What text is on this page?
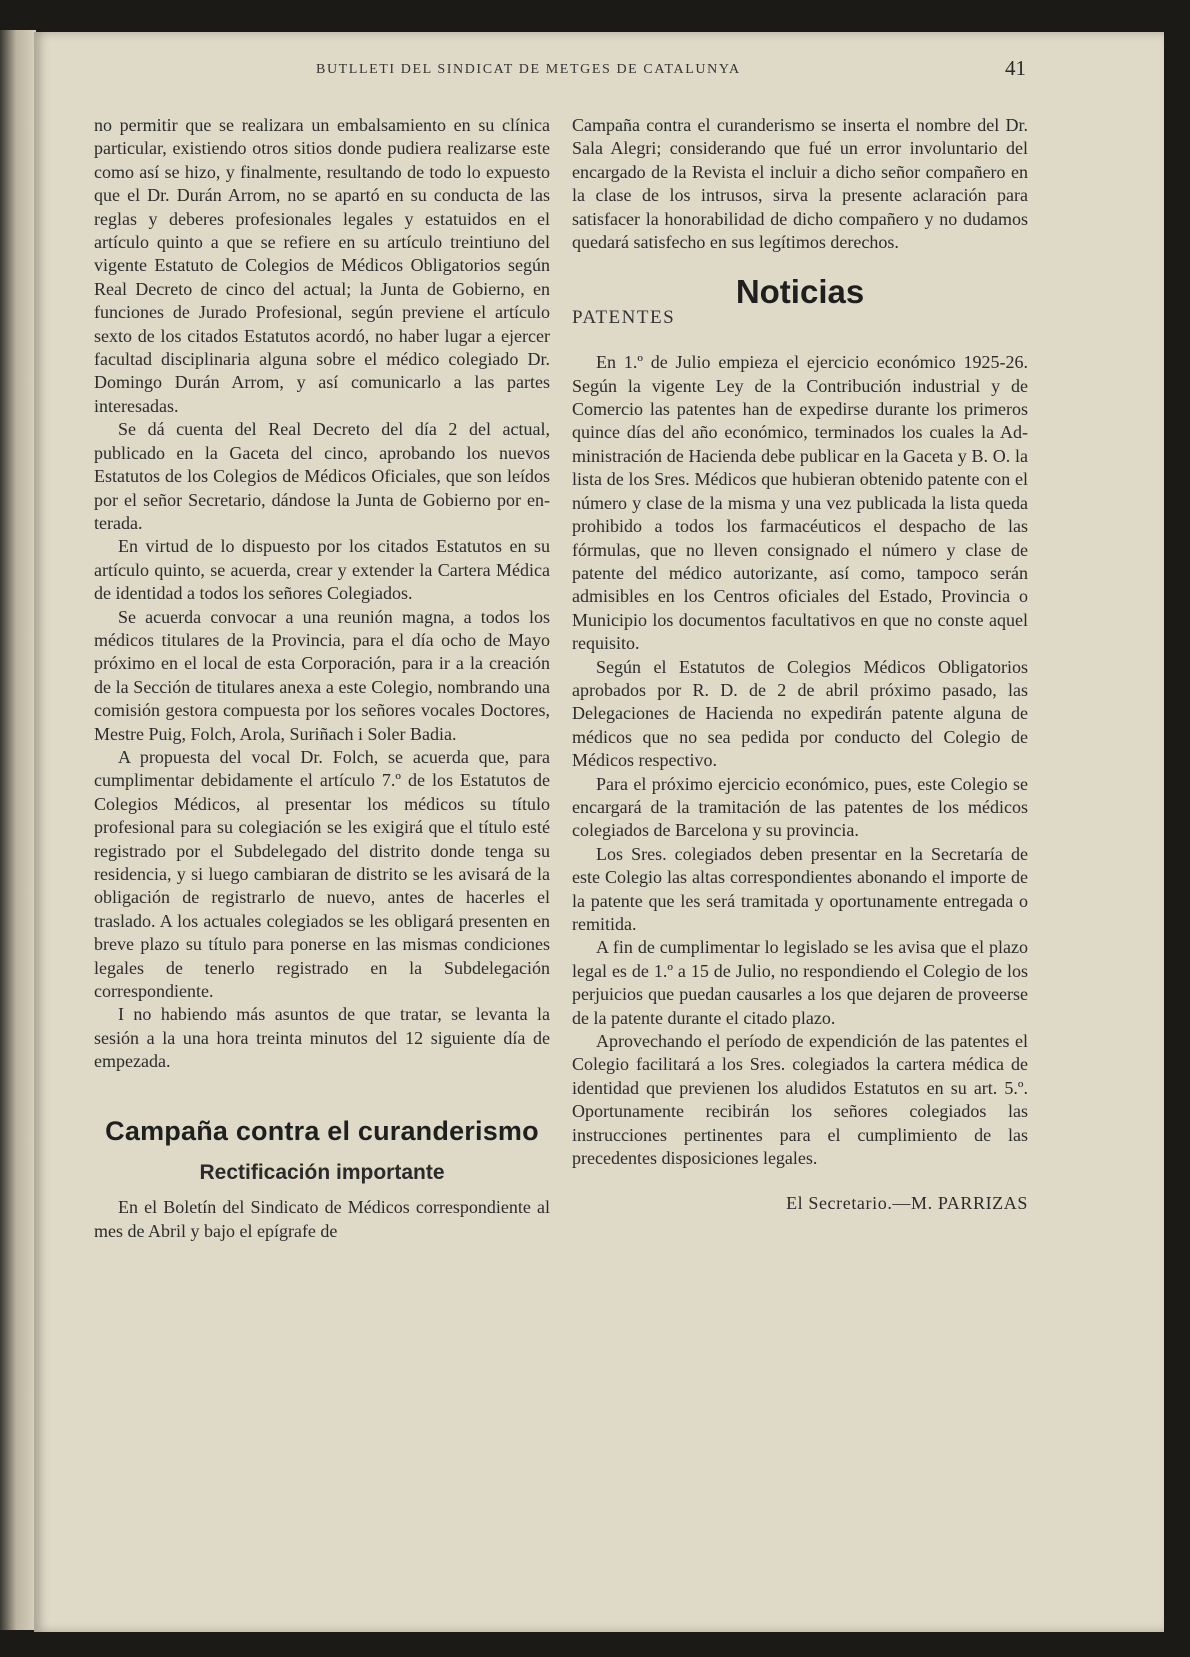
BUTLLETI DEL SINDICAT DE METGES DE CATALUNYA	41

no permitir que se realizara un embalsamiento en su clínica particular, existiendo otros sitios donde pudiera realizarse este como así se hizo, y finalmente, resultando de todo lo expuesto que el Dr. Durán Arrom, no se apartó en su conducta de las reglas y deberes profesionales legales y estatuidos en el artículo quinto a que se refiere en su artículo treintiuno del vigente Estatuto de Colegios de Médicos Obligatorios según Real Decreto de cinco del actual; la Junta de Gobierno, en funciones de Jurado Profesional, según previene el artículo sexto de los citados Estatutos acordó, no haber lugar a ejercer facultad disciplinaria alguna sobre el médico colegiado Dr. Domingo Durán Arrom, y así comunicarlo a las partes interesadas.

Se dá cuenta del Real Decreto del día 2 del actual, publicado en la Gaceta del cinco, aprobando los nuevos Estatutos de los Colegios de Médicos Oficiales, que son leídos por el señor Secretario, dándose la Junta de Gobierno por enterada.

En virtud de lo dispuesto por los citados Estatutos en su artículo quinto, se acuerda, crear y extender la Cartera Médica de identidad a todos los señores Colegiados.

Se acuerda convocar a una reunión magna, a todos los médicos titulares de la Provincia, para el día ocho de Mayo próximo en el local de esta Corporación, para ir a la creación de la Sección de titulares anexa a este Colegio, nombrando una comisión gestora compuesta por los señores vocales Doctores, Mestre Puig, Folch, Arola, Suriñach i Soler Badia.

A propuesta del vocal Dr. Folch, se acuerda que, para cumplimentar debidamente el artículo 7.º de los Estatutos de Colegios Médicos, al presentar los médicos su título profesional para su colegiación se les exigirá que el título esté registrado por el Subdelegado del distrito donde tenga su residencia, y si luego cambiaran de distrito se les avisará de la obligación de registrarlo de nuevo, antes de hacerles el traslado. A los actuales colegiados se les obligará presenten en breve plazo su título para ponerse en las mismas condiciones legales de tenerlo registrado en la Subdelegación correspondiente.

I no habiendo más asuntos de que tratar, se levanta la sesión a la una hora treinta minutos del 12 siguiente día de empezada.

Campaña contra el curanderismo
Rectificación importante

En el Boletín del Sindicato de Médicos correspondiente al mes de Abril y bajo el epígrafe de

Campaña contra el curanderismo se inserta el nombre del Dr. Sala Alegri; considerando que fué un error involuntario del encargado de la Revista el incluir a dicho señor compañero en la clase de los intrusos, sirva la presente aclaración para satisfacer la honorabilidad de dicho compañero y no dudamos quedará satisfecho en sus legítimos derechos.

Noticias
PATENTES

En 1.º de Julio empieza el ejercicio económico 1925-26. Según la vigente Ley de la Contribución industrial y de Comercio las patentes han de expedirse durante los primeros quince días del año económico, terminados los cuales la Administración de Hacienda debe publicar en la Gaceta y B. O. la lista de los Sres. Médicos que hubieran obtenido patente con el número y clase de la misma y una vez publicada la lista queda prohibido a todos los farmacéuticos el despacho de las fórmulas, que no lleven consignado el número y clase de patente del médico autorizante, así como, tampoco serán admisibles en los Centros oficiales del Estado, Provincia o Municipio los documentos facultativos en que no conste aquel requisito.

Según el Estatutos de Colegios Médicos Obligatorios aprobados por R. D. de 2 de abril próximo pasado, las Delegaciones de Hacienda no expedirán patente alguna de médicos que no sea pedida por conducto del Colegio de Médicos respectivo.

Para el próximo ejercicio económico, pues, este Colegio se encargará de la tramitación de las patentes de los médicos colegiados de Barcelona y su provincia.

Los Sres. colegiados deben presentar en la Secretaría de este Colegio las altas correspondientes abonando el importe de la patente que les será tramitada y oportunamente entregada o remitida.

A fin de cumplimentar lo legislado se les avisa que el plazo legal es de 1.º a 15 de Julio, no respondiendo el Colegio de los perjuicios que puedan causarles a los que dejaren de proveerse de la patente durante el citado plazo.

Aprovechando el período de expendición de las patentes el Colegio facilitará a los Sres. colegiados la cartera médica de identidad que previenen los aludidos Estatutos en su art. 5.º. Oportunamente recibirán los señores colegiados las instrucciones pertinentes para el cumplimiento de las precedentes disposiciones legales.

El Secretario.—M. PARRIZAS
